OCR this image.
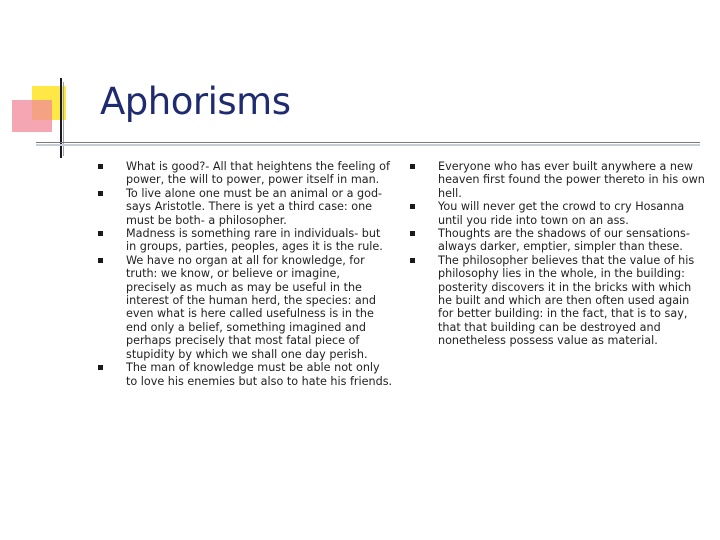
Aphorisms
What is good?- All that heightens the feeling of power, the will to power, power itself in man.
To live alone one must be an animal or a god- says Aristotle. There is yet a third case: one must be both- a philosopher.
Madness is something rare in individuals- but in groups, parties, peoples, ages it is the rule.
We have no organ at all for knowledge, for truth: we know, or believe or imagine, precisely as much as may be useful in the interest of the human herd, the species: and even what is here called usefulness is in the end only a belief, something imagined and perhaps precisely that most fatal piece of stupidity by which we shall one day perish.
The man of knowledge must be able not only to love his enemies but also to hate his friends.
Everyone who has ever built anywhere a new heaven first found the power thereto in his own hell.
You will never get the crowd to cry Hosanna until you ride into town on an ass.
Thoughts are the shadows of our sensations- always darker, emptier, simpler than these.
The philosopher believes that the value of his philosophy lies in the whole, in the building: posterity discovers it in the bricks with which he built and which are then often used again for better building: in the fact, that is to say, that that building can be destroyed and nonetheless possess value as material.
